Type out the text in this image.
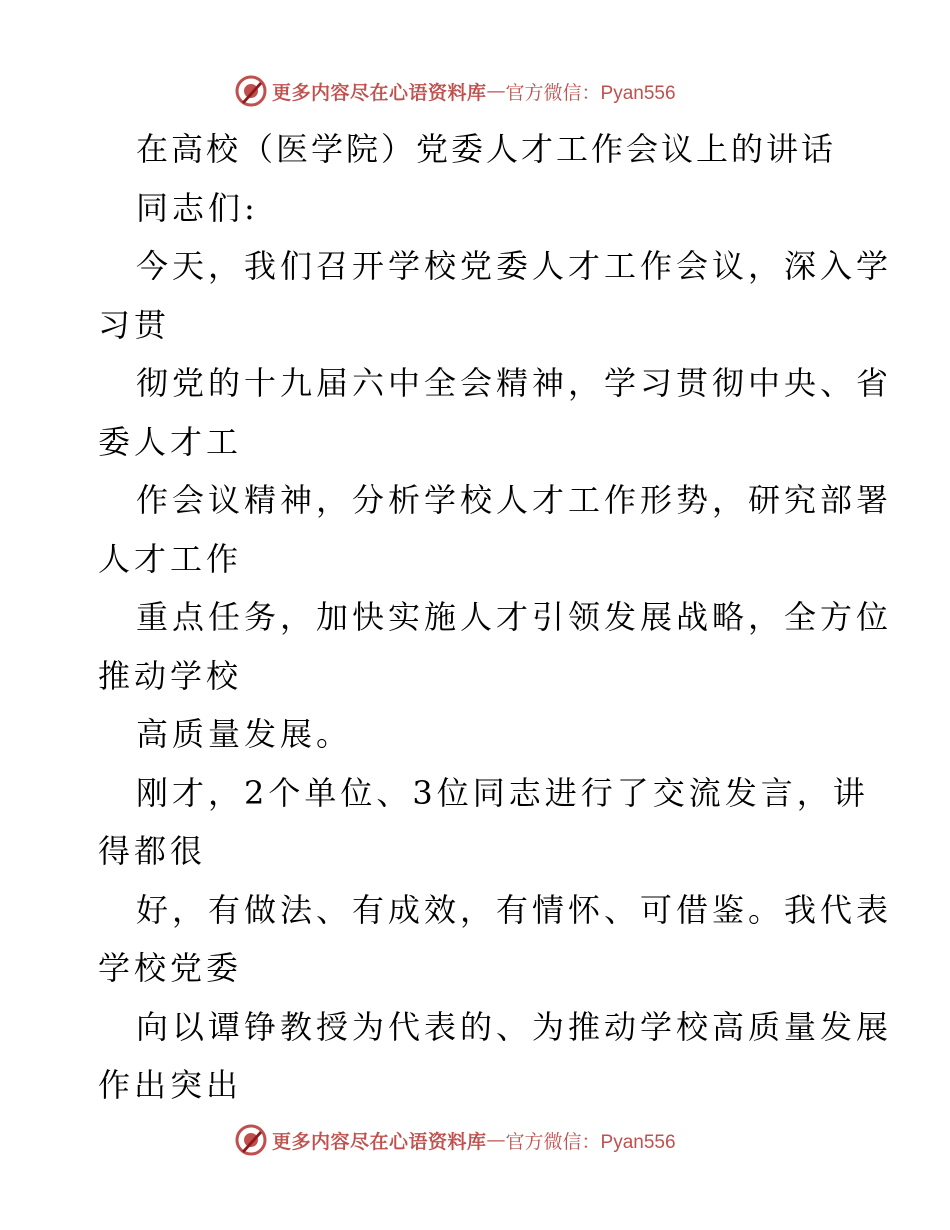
更多内容尽在心语资料库 — 官方微信：Pyan556
在高校（医学院）党委人才工作会议上的讲话
同志们:
今天，我们召开学校党委人才工作会议，深入学
习贯
彻党的十九届六中全会精神，学习贯彻中央、省
委人才工
作会议精神，分析学校人才工作形势，研究部署
人才工作
重点任务，加快实施人才引领发展战略，全方位
推动学校
高质量发展。
刚才，2个单位、3位同志进行了交流发言，讲
得都很
好，有做法、有成效，有情怀、可借鉴。我代表
学校党委
向以谭铮教授为代表的、为推动学校高质量发展
作出突出
更多内容尽在心语资料库 — 官方微信：Pyan556
